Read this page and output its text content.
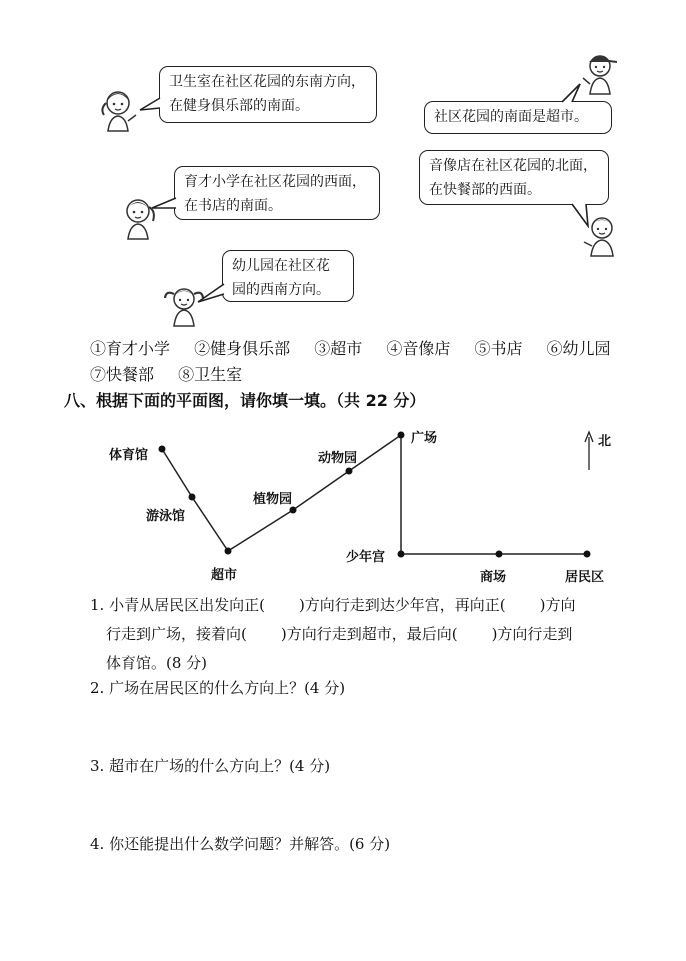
卫生室在社区花园的东南方向，
在健身俱乐部的南面。
社区花园的南面是超市。
育才小学在社区花园的西面，
在书店的南面。
音像店在社区花园的北面，
在快餐部的西面。
幼儿园在社区花
园的西南方向。
①育才小学 ②健身俱乐部 ③超市 ④音像店 ⑤书店 ⑥幼儿园
⑦快餐部 ⑧卫生室
八、根据下面的平面图，请你填一填。（共 22 分）
北
体育馆
游泳馆
超市
植物园
动物园
广场
少年宫
商场	居民区
1. 小青从居民区出发向正( )方向行走到达少年宫，再向正( )方向
行走到广场，接着向( )方向行走到超市，最后向( )方向行走到
体育馆。(8 分)
2. 广场在居民区的什么方向上？(4 分)
3. 超市在广场的什么方向上？(4 分)
4. 你还能提出什么数学问题？并解答。(6 分)
